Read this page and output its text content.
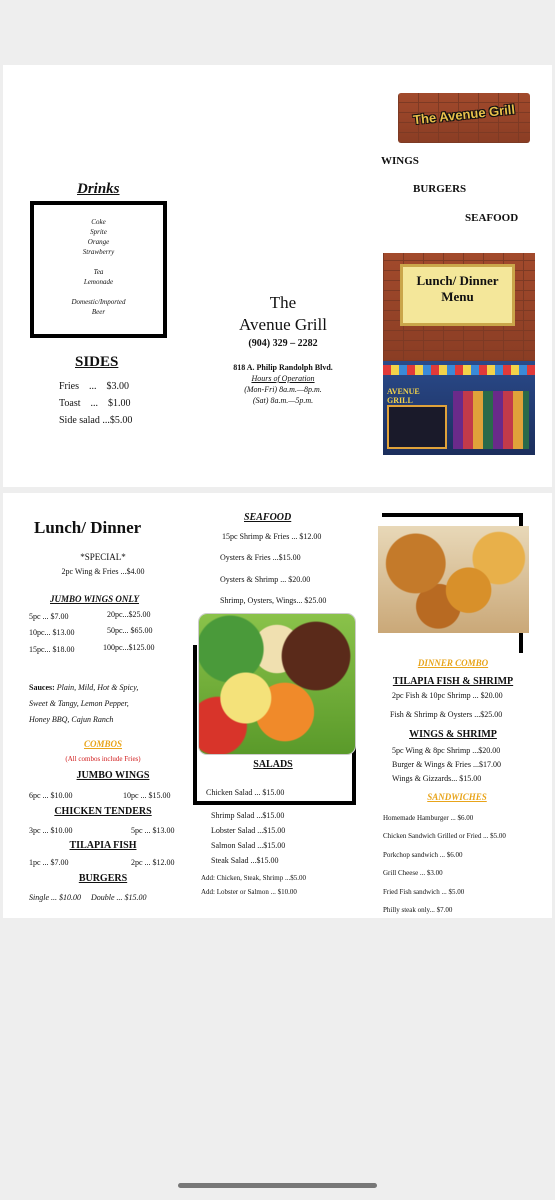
The Avenue Grill
WINGS
BURGERS
SEAFOOD
Drinks
Coke
Sprite
Orange
Strawberry
Tea
Lemonade
Domestic/Imported
Beer
SIDES
Fries    ...    $3.00
Toast    ...    $1.00
Side salad ...$5.00
The
Avenue Grill
(904) 329 – 2282
818 A. Philip Randolph Blvd.
Hours of Operation
(Mon-Fri) 8a.m.—8p.m.
(Sat) 8a.m.—5p.m.
Lunch/ Dinner
Menu
AVENUE GRILL
Lunch/ Dinner
*SPECIAL*
2pc Wing & Fries ...$4.00
JUMBO WINGS ONLY
5pc ... $7.00	20pc...$25.00
10pc... $13.00	50pc... $65.00
15pc... $18.00	100pc...$125.00
Sauces: Plain, Mild, Hot & Spicy,
Sweet & Tangy, Lemon Pepper,
Honey BBQ, Cajun Ranch
COMBOS
(All combos include Fries)
JUMBO WINGS
6pc ... $10.00	10pc ... $15.00
CHICKEN TENDERS
3pc ... $10.00	5pc ... $13.00
TILAPIA FISH
1pc ... $7.00	2pc ... $12.00
BURGERS
Single ... $10.00     Double ... $15.00
SEAFOOD
15pc Shrimp & Fries ... $12.00
Oysters & Fries ...$15.00
Oysters & Shrimp ... $20.00
Shrimp, Oysters, Wings... $25.00
SALADS
Chicken Salad ... $15.00
Shrimp Salad ...$15.00
Lobster Salad ...$15.00
Salmon Salad ...$15.00
Steak Salad ...$15.00
Add: Chicken, Steak, Shrimp ...$5.00
Add: Lobster or Salmon ... $10.00
DINNER COMBO
TILAPIA FISH & SHRIMP
2pc Fish & 10pc Shrimp ... $20.00
Fish & Shrimp & Oysters ...$25.00
WINGS & SHRIMP
5pc Wing & 8pc Shrimp ...$20.00
Burger & Wings & Fries ...$17.00
Wings & Gizzards... $15.00
SANDWICHES
Homemade Hamburger ... $6.00
Chicken Sandwich Grilled or Fried ... $5.00
Porkchop sandwich ... $6.00
Grill Cheese ... $3.00
Fried Fish sandwich ... $5.00
Philly steak only... $7.00
